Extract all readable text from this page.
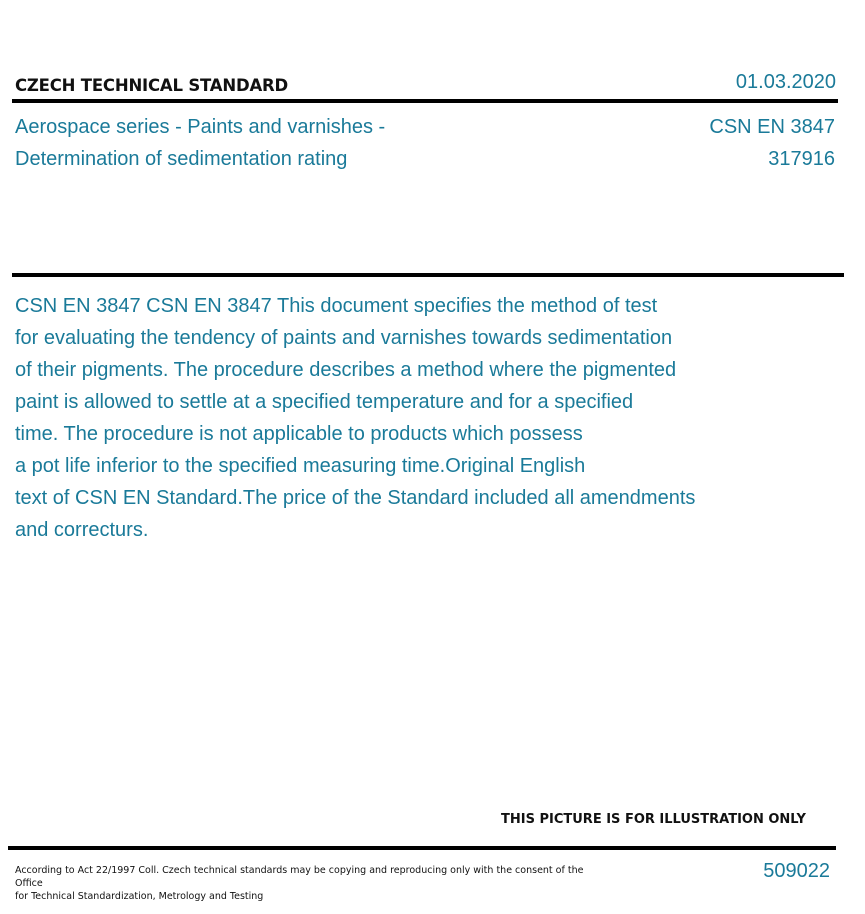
CZECH TECHNICAL STANDARD	01.03.2020
Aerospace series - Paints and varnishes -
Determination of sedimentation rating
CSN EN 3847
317916
CSN EN 3847 CSN EN 3847 This document specifies the method of test
for evaluating the tendency of paints and varnishes towards sedimentation
of their pigments. The procedure describes a method where the pigmented
paint is allowed to settle at a specified temperature and for a specified
time. The procedure is not applicable to products which possess
a pot life inferior to the specified measuring time.Original English
text of CSN EN Standard.The price of the Standard included all amendments
and correcturs.
THIS PICTURE IS FOR ILLUSTRATION ONLY
According to Act 22/1997 Coll. Czech technical standards may be copying and reproducing only with the consent of the Office
for Technical Standardization, Metrology and Testing
509022
